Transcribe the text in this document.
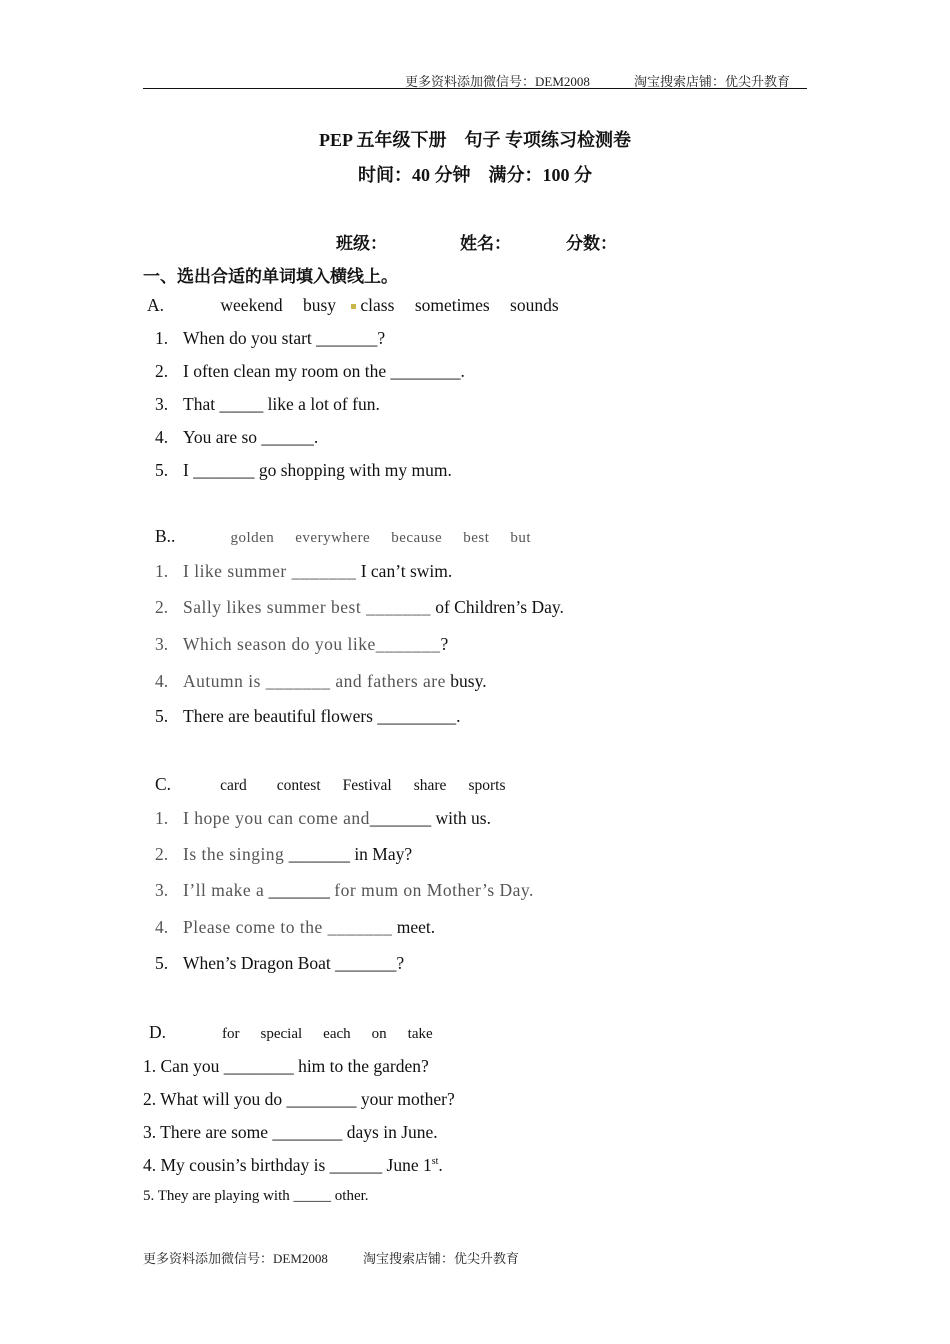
更多资料添加微信号：DEM2008	淘宝搜索店铺：优尖升教育
PEP 五年级下册　句子 专项练习检测卷
时间：40 分钟　满分：100 分
班级：	姓名：	分数：
一、选出合适的单词填入横线上。
A.	weekend busy class sometimes sounds
1. When do you start _______?
2. I often clean my room on the ________.
3. That _____ like a lot of fun.
4. You are so ______.
5. I _______ go shopping with my mum.
B..	golden everywhere because best but
1. I like summer _______ I can’t swim.
2. Sally likes summer best _______ of Children’s Day.
3. Which season do you like_______?
4. Autumn is _______ and fathers are busy.
5. There are beautiful flowers _________.
C.	card contest Festival share sports
1. I hope you can come and_______ with us.
2. Is the singing _______ in May?
3. I’ll make a _______ for mum on Mother’s Day.
4. Please come to the _______ meet.
5. When’s Dragon Boat _______?
D.	for special each on take
1. Can you ________ him to the garden?
2. What will you do ________ your mother?
3. There are some ________ days in June.
4. My cousin’s birthday is ______ June 1st.
5. They are playing with _____ other.
更多资料添加微信号：DEM2008	淘宝搜索店铺：优尖升教育
